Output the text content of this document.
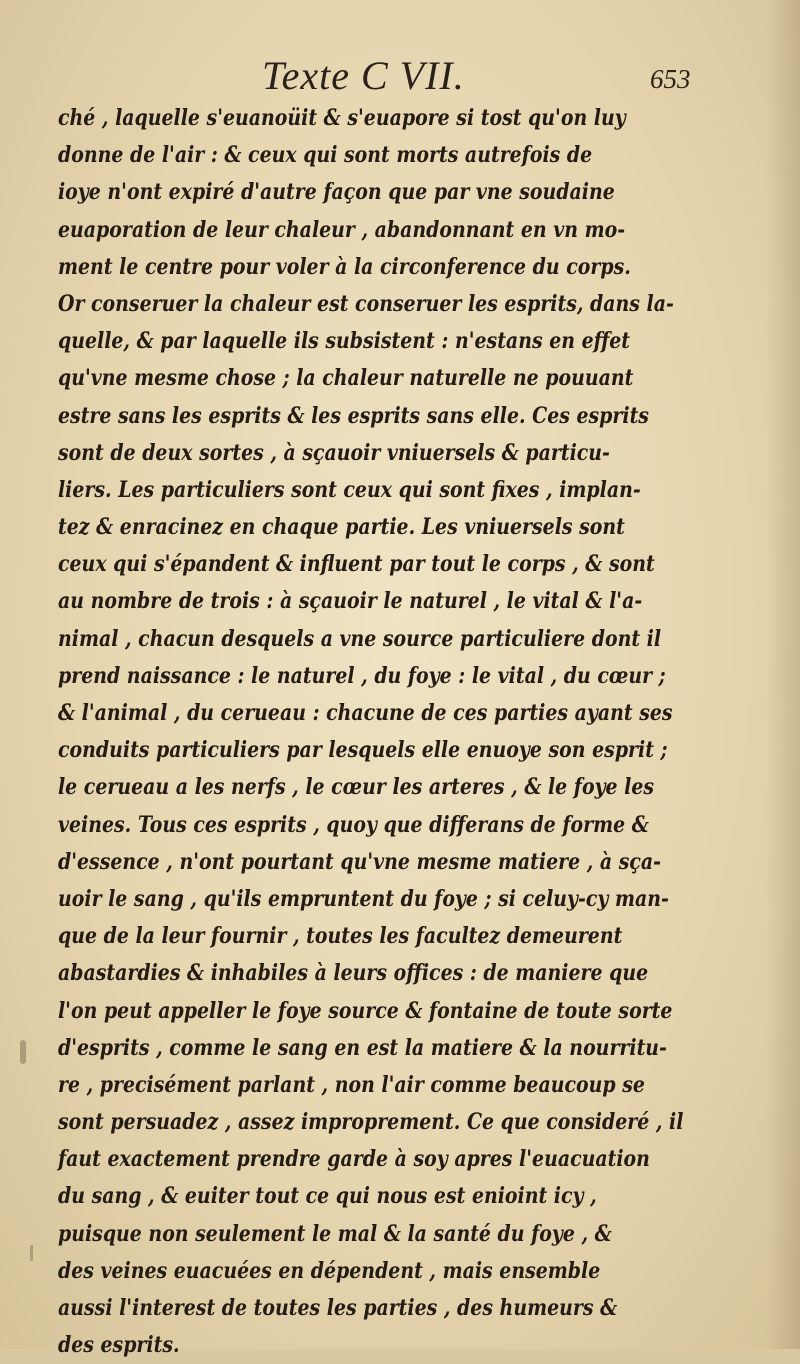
Texte C VII.	653
ché , laquelle s'euanoüit & s'euapore si tost qu'on luy
donne de l'air : & ceux qui sont morts autrefois de
ioye n'ont expiré d'autre façon que par vne soudaine
euaporation de leur chaleur , abandonnant en vn mo-
ment le centre pour voler à la circonference du corps.
Or conseruer la chaleur est conseruer les esprits, dans la-
quelle, & par laquelle ils subsistent : n'estans en effet
qu'vne mesme chose ; la chaleur naturelle ne pouuant
estre sans les esprits & les esprits sans elle. Ces esprits
sont de deux sortes , à sçauoir vniuersels & particu-
liers. Les particuliers sont ceux qui sont fixes , implan-
tez & enracinez en chaque partie. Les vniuersels sont
ceux qui s'épandent & influent par tout le corps , & sont
au nombre de trois : à sçauoir le naturel , le vital & l'a-
nimal , chacun desquels a vne source particuliere dont il
prend naissance : le naturel , du foye : le vital , du cœur ;
& l'animal , du cerueau : chacune de ces parties ayant ses
conduits particuliers par lesquels elle enuoye son esprit ;
le cerueau a les nerfs , le cœur les arteres , & le foye les
veines. Tous ces esprits , quoy que differans de forme &
d'essence , n'ont pourtant qu'vne mesme matiere , à sça-
uoir le sang , qu'ils empruntent du foye ; si celuy-cy man-
que de la leur fournir , toutes les facultez demeurent
abastardies & inhabiles à leurs offices : de maniere que
l'on peut appeller le foye source & fontaine de toute sorte
d'esprits , comme le sang en est la matiere & la nourritu-
re , precisément parlant , non l'air comme beaucoup se
sont persuadez , assez improprement. Ce que consideré , il
faut exactement prendre garde à soy apres l'euacuation
du sang , & euiter tout ce qui nous est enioint icy ,
puisque non seulement le mal & la santé du foye , &
des veines euacuées en dépendent , mais ensemble
aussi l'interest de toutes les parties , des humeurs &
des esprits.
